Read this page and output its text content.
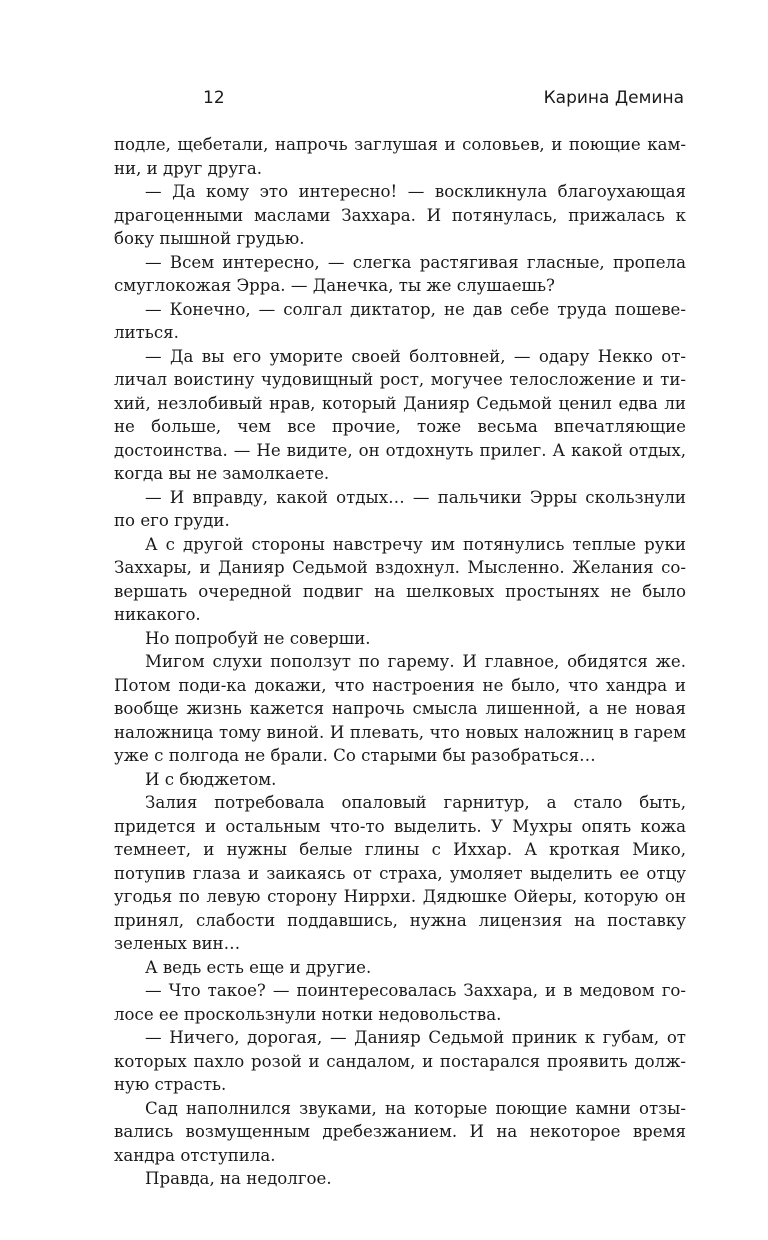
12	Карина Демина

подле, щебетали, напрочь заглушая и соловьев, и поющие камни, и друг друга.

— Да кому это интересно! — воскликнула благоухающая драгоценными маслами Заххара. И потянулась, прижалась к боку пышной грудью.

— Всем интересно, — слегка растягивая гласные, пропела смуглокожая Эрра. — Данечка, ты же слушаешь?

— Конечно, — солгал диктатор, не дав себе труда пошевелиться.

— Да вы его уморите своей болтовней, — одару Некко отличал воистину чудовищный рост, могучее телосложение и тихий, незлобивый нрав, который Данияр Седьмой ценил едва ли не больше, чем все прочие, тоже весьма впечатляющие достоинства. — Не видите, он отдохнуть прилег. А какой отдых, когда вы не замолкаете.

— И вправду, какой отдых… — пальчики Эрры скользнули по его груди.

А с другой стороны навстречу им потянулись теплые руки Заххары, и Данияр Седьмой вздохнул. Мысленно. Желания совершать очередной подвиг на шелковых простынях не было никакого.

Но попробуй не соверши.

Мигом слухи поползут по гарему. И главное, обидятся же. Потом поди-ка докажи, что настроения не было, что хандра и вообще жизнь кажется напрочь смысла лишенной, а не новая наложница тому виной. И плевать, что новых наложниц в гарем уже с полгода не брали. Со старыми бы разобраться…

И с бюджетом.

Залия потребовала опаловый гарнитур, а стало быть, придется и остальным что-то выделить. У Мухры опять кожа темнеет, и нужны белые глины с Иххар. А кроткая Мико, потупив глаза и заикаясь от страха, умоляет выделить ее отцу угодья по левую сторону Ниррхи. Дядюшке Ойеры, которую он принял, слабости поддавшись, нужна лицензия на поставку зеленых вин…

А ведь есть еще и другие.

— Что такое? — поинтересовалась Заххара, и в медовом голосе ее проскользнули нотки недовольства.

— Ничего, дорогая, — Данияр Седьмой приник к губам, от которых пахло розой и сандалом, и постарался проявить должную страсть.

Сад наполнился звуками, на которые поющие камни отзывались возмущенным дребезжанием. И на некоторое время хандра отступила.

Правда, на недолгое.
